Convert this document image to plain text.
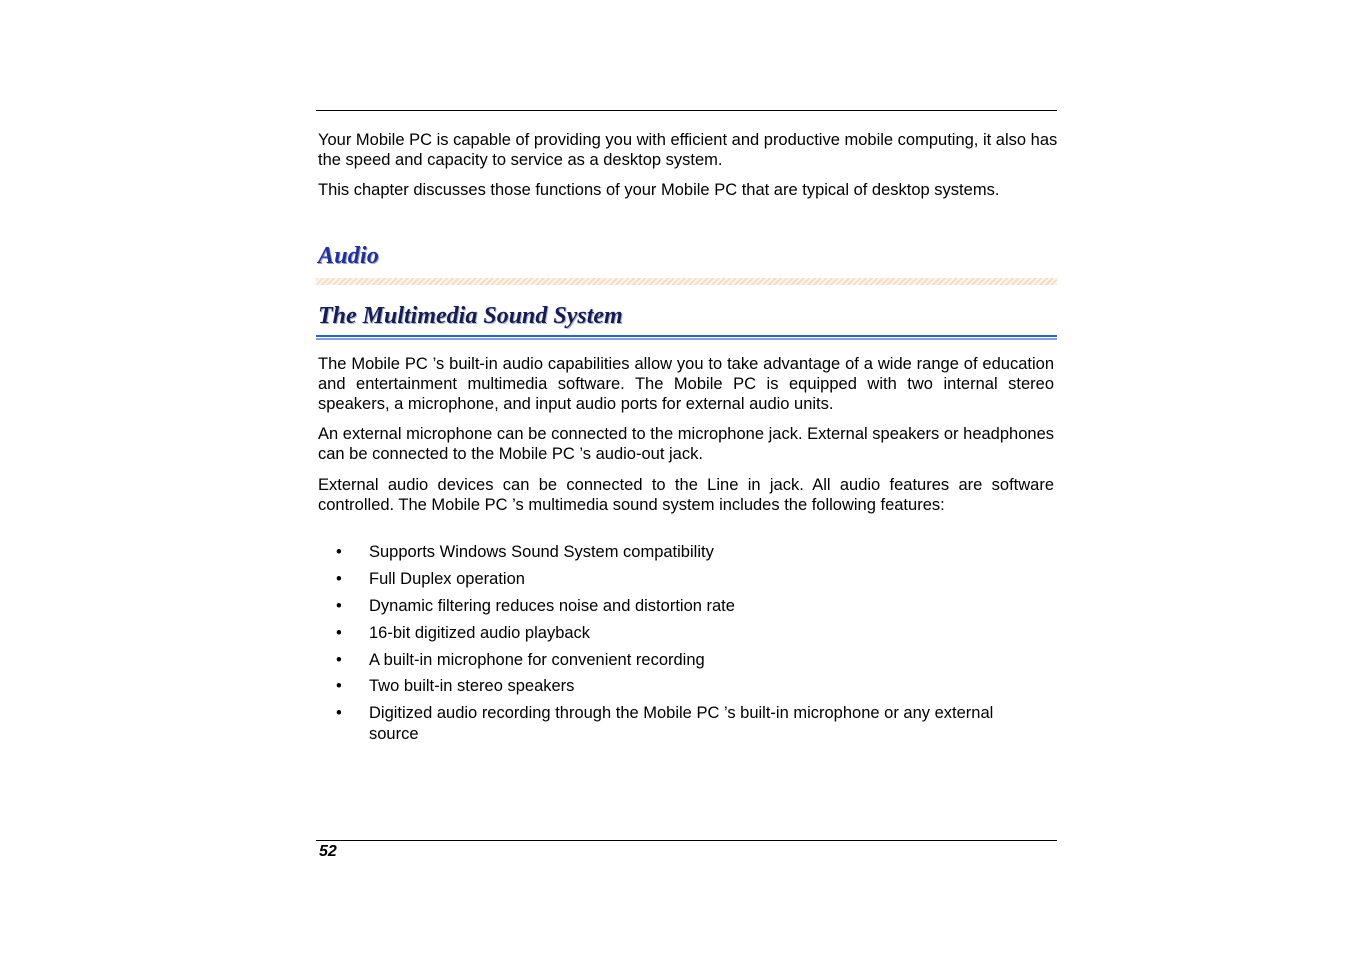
Your Mobile PC is capable of providing you with efficient and productive mobile computing, it also has the speed and capacity to service as a desktop system.

This chapter discusses those functions of your Mobile PC that are typical of desktop systems.

Audio
The Multimedia Sound System

The Mobile PC ’s built-in audio capabilities allow you to take advantage of a wide range of education and entertainment multimedia software. The Mobile PC is equipped with two internal stereo speakers, a microphone, and input audio ports for external audio units.

An external microphone can be connected to the microphone jack. External speakers or headphones can be connected to the Mobile PC ’s audio-out jack.

External audio devices can be connected to the Line in jack. All audio features are software controlled. The Mobile PC ’s multimedia sound system includes the following features:

• Supports Windows Sound System compatibility
• Full Duplex operation
• Dynamic filtering reduces noise and distortion rate
• 16-bit digitized audio playback
• A built-in microphone for convenient recording
• Two built-in stereo speakers
• Digitized audio recording through the Mobile PC ’s built-in microphone or any external source
52
